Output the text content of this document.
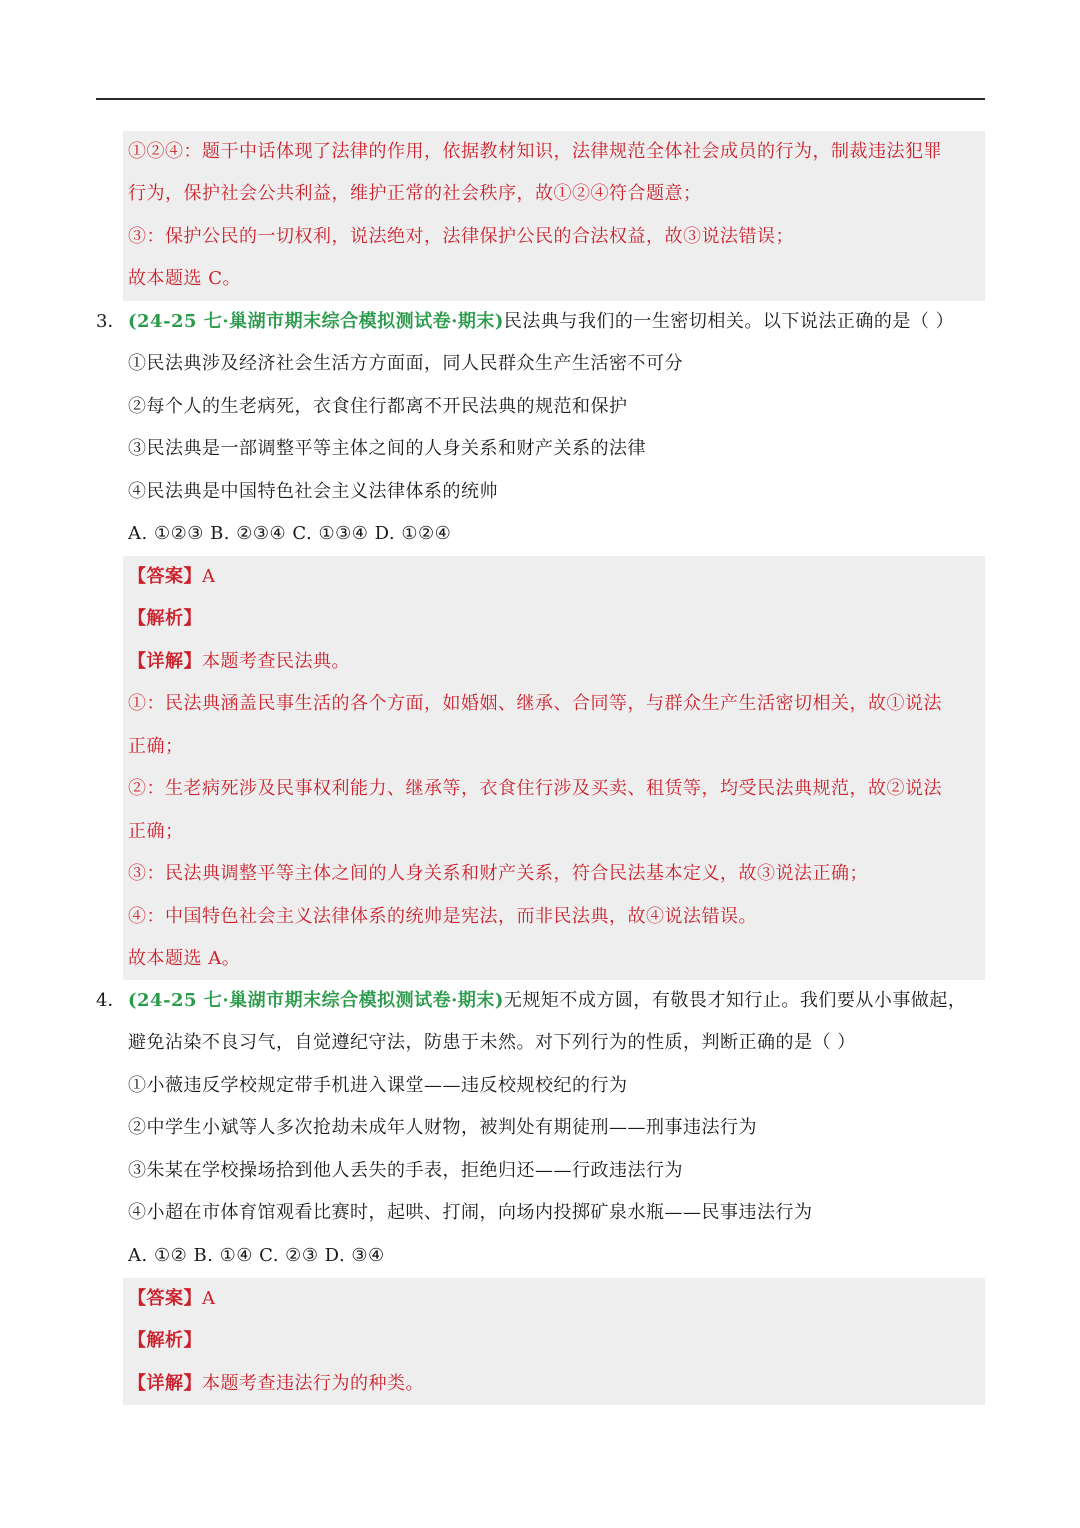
①②④：题干中话体现了法律的作用，依据教材知识，法律规范全体社会成员的行为，制裁违法犯罪
行为，保护社会公共利益，维护正常的社会秩序，故①②④符合题意；
③：保护公民的一切权利，说法绝对，法律保护公民的合法权益，故③说法错误；
故本题选 C。
3． (24-25 七·巢湖市期末综合模拟测试卷·期末)民法典与我们的一生密切相关。以下说法正确的是（ ）
①民法典涉及经济社会生活方方面面，同人民群众生产生活密不可分
②每个人的生老病死，衣食住行都离不开民法典的规范和保护
③民法典是一部调整平等主体之间的人身关系和财产关系的法律
④民法典是中国特色社会主义法律体系的统帅
A. ①②③ B. ②③④ C. ①③④ D. ①②④
【答案】A
【解析】
【详解】本题考查民法典。
①：民法典涵盖民事生活的各个方面，如婚姻、继承、合同等，与群众生产生活密切相关，故①说法
正确；
②：生老病死涉及民事权利能力、继承等，衣食住行涉及买卖、租赁等，均受民法典规范，故②说法
正确；
③：民法典调整平等主体之间的人身关系和财产关系，符合民法基本定义，故③说法正确；
④：中国特色社会主义法律体系的统帅是宪法，而非民法典，故④说法错误。
故本题选 A。
4． (24-25 七·巢湖市期末综合模拟测试卷·期末)无规矩不成方圆，有敬畏才知行止。我们要从小事做起，
避免沾染不良习气，自觉遵纪守法，防患于未然。对下列行为的性质，判断正确的是（ ）
①小薇违反学校规定带手机进入课堂——违反校规校纪的行为
②中学生小斌等人多次抢劫未成年人财物，被判处有期徒刑——刑事违法行为
③朱某在学校操场拾到他人丢失的手表，拒绝归还——行政违法行为
④小超在市体育馆观看比赛时，起哄、打闹，向场内投掷矿泉水瓶——民事违法行为
A. ①② B. ①④ C. ②③ D. ③④
【答案】A
【解析】
【详解】本题考查违法行为的种类。
